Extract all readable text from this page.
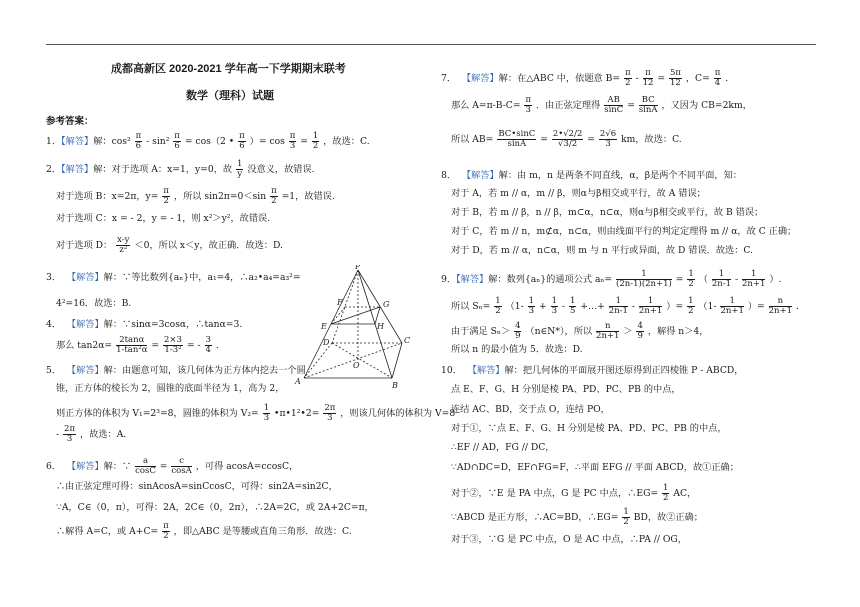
成都高新区 2020-2021 学年高一下学期期末联考
数学（理科）试题
参考答案：
1．【解答】解：$\cos^2 \frac{\pi}{6} - \sin^2 \frac{\pi}{6} = \cos(2$ • $\frac{\pi}{6}$ ）= $\cos \frac{\pi}{3} = \frac{1}{2}$ ，故选：C.
2．【解答】解：对于选项 A：x=1，y=0，故 $\frac{1}{y}$ 没意义，故错误.
对于选项 B：x=2π，$y= \frac{\pi}{2}$ ，所以 $\sin 2\pi=0<\sin \frac{\pi}{2} =1$，故错误.
对于选项 C：x = - 2，y = - 1，则 x²＞y²，故错误.
对于选项 D： $\frac{x-y}{\text{z²}} <0$，所以 x＜y，故正确．故选：D.
3． 【解答】解：∵等比数列{aₙ}中，a₁=4，∴a₂•a₄=a₃²=
4²=16．故选：B.
4． 【解答】解：∵sinα=3cosα，∴tanα=3.
那么 $\tan 2\alpha= \frac{2\tan\alpha}{\text{1-tan²α}} = \frac{2\times 3}{\text{1-3²}}$ = - $\frac{3}{4}$ .
5． 【解答】解：由题意可知，该几何体为正方体内挖去一个圆
锥，正方体的棱长为 2，圆锥的底面半径为 1，高为 2，
则正方体的体积为 V₁=2³=8，圆锥的体积为 $V_2= \frac{1}{3}$ •π•1²•2= $\frac{2\pi}{3}$ ，则该几何体的体积为 V=8
- $\frac{2\pi}{3}$ ，故选：A.
6． 【解答】解：∵ $\frac{a}{\cos C} = \frac{c}{\cos A}$ ，可得 acosA=ccosC，
∴由正弦定理可得：sinAcosA=sinCcosC，可得：sin2A=sin2C，
∵A，C∈（0，π），可得：2A，2C∈（0，2π），∴2A=2C，或 2A+2C=π，
∴解得 A=C，或 $A+C= \frac{\pi}{2}$ ，即△ABC 是等腰或直角三角形．故选：C.
P
F	G
E	H
D	C
O
A	B
7． 【解答】解：在△ABC 中，依题意 $B= \frac{\pi}{2} - \frac{\pi}{12} = \frac{5\pi}{12}$ ，$C= \frac{\pi}{4}$ .
那么 $A=\pi-B-C= \frac{\pi}{3}$ ．由正弦定理得 $\frac{AB}{\sin C} = \frac{BC}{\sin A}$ ，又因为 CB=2km，
所以 $AB= \frac{BC•\sin C}{\sin A} = \frac{2•√2/2}{√3/2} = \frac{2√6}{3}$ km，故选：C.
8． 【解答】解：由 m，n 是两条不同直线，α，β是两个不同平面，知：
对于 A，若 m // α，m // β，则α与β相交或平行，故 A 错误；
对于 B，若 m // β，n // β，m⊂α，n⊂α，则α与β相交或平行，故 B 错误；
对于 C，若 m // n，m⊄α，n⊂α，则由线面平行的判定定理得 m // α，故 C 正确；
对于 D，若 m // α，n⊂α，则 m 与 n 平行或异面，故 D 错误．故选：C.
9．【解答】解：数列{aₙ}的通项公式 $a_n= \frac{1}{(2n-1)(2n+1)} = \frac{1}{2}$ （ $\frac{1}{2n-1} - \frac{1}{2n+1}$ ）.
所以 $S_n= \frac{1}{2} (1- \frac{1}{3} + \frac{1}{3} - \frac{1}{5}$ +…+ $\frac{1}{2n-1} - \frac{1}{2n+1}$ ）= $\frac{1}{2} (1- \frac{1}{2n+1}$ ）= $\frac{n}{2n+1}$ .
由于满足 $S_n> \frac{4}{9}$ （n∈N*），所以 $\frac{n}{2n+1} > \frac{4}{9}$ ，解得 n＞4，
所以 n 的最小值为 5．故选：D.
10． 【解答】解：把几何体的平面展开图还原得到正四棱锥 P - ABCD，
点 E、F、G、H 分别是棱 PA、PD、PC、PB 的中点，
连结 AC、BD，交于点 O，连结 PO，
对于①，∵点 E、F、G、H 分别是棱 PA、PD、PC、PB 的中点，
∴EF // AD，FG // DC，
∵AD∩DC=D，EF∩FG=F，∴平面 EFG // 平面 ABCD，故①正确；
对于②，∵E 是 PA 中点，G 是 PC 中点，∴EG= $\frac{1}{2}$ AC，
∵ABCD 是正方形，∴AC=BD，∴EG= $\frac{1}{2}$ BD，故②正确；
对于③，∵G 是 PC 中点，O 是 AC 中点，∴PA // OG，
